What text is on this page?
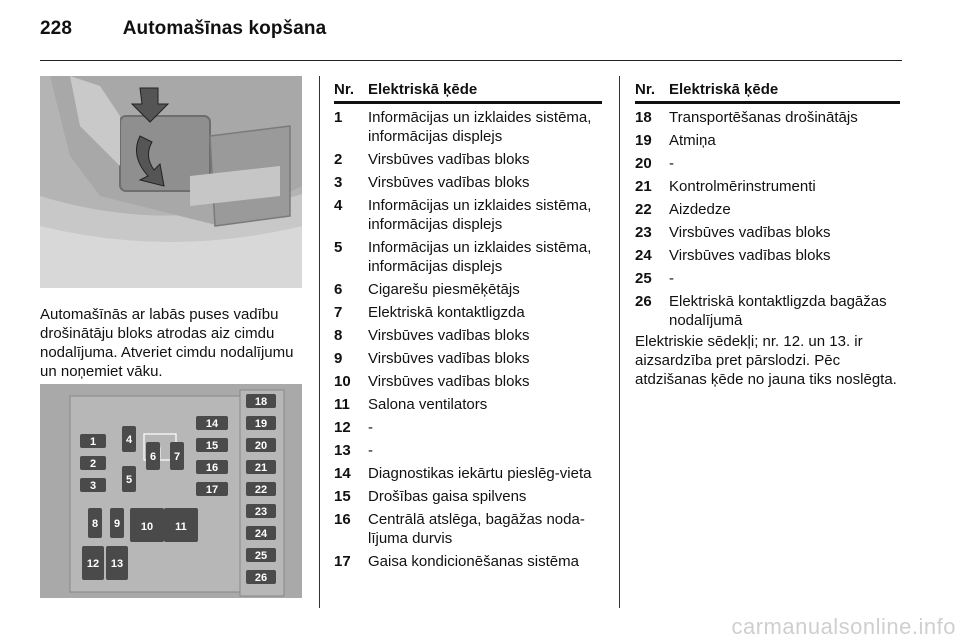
228	Automašīnas kopšana
Automašīnās ar labās puses vadību drošinātāju bloks atrodas aiz cimdu nodalījuma. Atveriet cimdu nodalījumu un noņemiet vāku.
1
2
3
4
5
6 7
8 9 10 11
12 13
14
15
16
17
18
19
20
21
22
23
24
25
26
Nr. Elektriskā ķēde
1	Informācijas un izklaides sistēma, informācijas displejs
2	Virsbūves vadības bloks
3	Virsbūves vadības bloks
4	Informācijas un izklaides sistēma, informācijas displejs
5	Informācijas un izklaides sistēma, informācijas displejs
6	Cigarešu piesmēķētājs
7	Elektriskā kontaktligzda
8	Virsbūves vadības bloks
9	Virsbūves vadības bloks
10	Virsbūves vadības bloks
11	Salona ventilators
12	-
13	-
14	Diagnostikas iekārtu pieslēg-vieta
15	Drošības gaisa spilvens
16	Centrālā atslēga, bagāžas noda-lījuma durvis
17	Gaisa kondicionēšanas sistēma
Nr. Elektriskā ķēde
18	Transportēšanas drošinātājs
19	Atmiņa
20	-
21	Kontrolmērinstrumenti
22	Aizdedze
23	Virsbūves vadības bloks
24	Virsbūves vadības bloks
25	-
26	Elektriskā kontaktligzda bagāžas nodalījumā
Elektriskie sēdekļi; nr. 12. un 13. ir aizsardzība pret pārslodzi. Pēc atdzišanas ķēde no jauna tiks noslēgta.
carmanualsonline.info
